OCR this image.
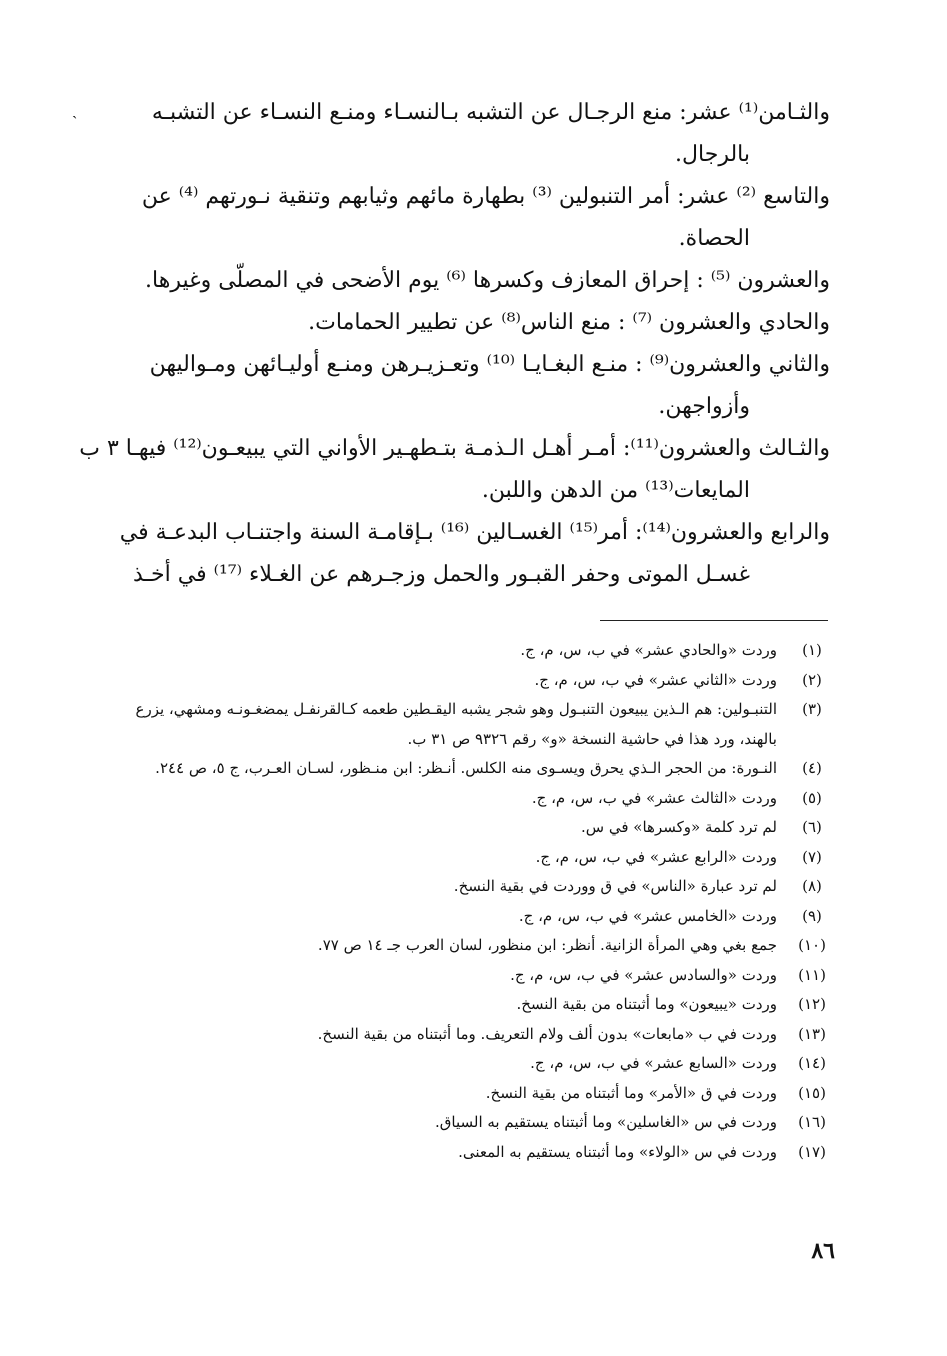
ˏ	والثـامن⁽¹⁾ عشر: منع الرجـال عن التشبه بـالنسـاء ومنـع النسـاء عن التشبـه
بالرجال.
والتاسع ⁽²⁾ عشر: أمر التنبولين ⁽³⁾ بطهارة مائهم وثيابهم وتنقية نـورتهم ⁽⁴⁾ عن
الحصاة.
والعشرون ⁽⁵⁾ : إحراق المعازف وكسرها ⁽⁶⁾ يوم الأضحى في المصلّى وغيرها.
والحادي والعشرون ⁽⁷⁾ : منع الناس⁽⁸⁾ عن تطيير الحمامات.
والثاني والعشرون⁽⁹⁾ : منـع البغـايـا ⁽¹⁰⁾ وتعـزيـرهن ومنـع أوليـائهن ومـواليهن
وأزواجهن.
والثـالث والعشرون⁽¹¹⁾: أمـر أهـل الـذمـة بتـطهـير الأواني التي يبيعـون⁽¹²⁾ فيهـا ٣ ب
المايعات⁽¹³⁾ من الدهن واللبن.
والرابع والعشرون⁽¹⁴⁾: أمر⁽¹⁵⁾ الغسـالين ⁽¹⁶⁾ بـإقامـة السنة واجتنـاب البدعـة في
غسـل الموتى وحفر القبـور والحمل وزجـرهم عن الغـلاء ⁽¹⁷⁾ في أخـذ
(١)
وردت «والحادي عشر» في ب، س، م، ج.
(٢)
وردت «الثاني عشر» في ب، س، م، ج.
(٣)
التنبـولين: هم الـذين يبيعون التنبـول وهو شجر يشبه اليقـطين طعمه كـالقرنفـل يمضغـونـه ومشهي، يزرع بالهند، ورد هذا في حاشية النسخة «و» رقم ٩٣٢٦ ص ٣١ ب.
(٤)
النـورة: من الحجر الـذي يحرق ويسـوى منه الكلس. أنـظر: ابن منـظور، لسـان العـرب، ج ٥، ص ٢٤٤.
(٥)
وردت «الثالث عشر» في ب، س، م، ج.
(٦)
لم ترد كلمة «وكسرها» في س.
(٧)
وردت «الرابع عشر» في ب، س، م، ج.
(٨)
لم ترد عبارة «الناس» في ق ووردت في بقية النسخ.
(٩)
وردت «الخامس عشر» في ب، س، م، ج.
(١٠)
جمع بغي وهي المرأة الزانية. أنظر: ابن منظور، لسان العرب جـ ١٤ ص ٧٧.
(١١)
وردت «والسادس عشر» في ب، س، م، ج.
(١٢)
وردت «يبيعون» وما أثبتناه من بقية النسخ.
(١٣)
وردت في ب «مابعات» بدون ألف ولام التعريف. وما أثبتناه من بقية النسخ.
(١٤)
وردت «السابع عشر» في ب، س، م، ج.
(١٥)
وردت في ق «الأمر» وما أثبتناه من بقية النسخ.
(١٦)
وردت في س «الغاسلين» وما أثبتناه يستقيم به السياق.
(١٧)
وردت في س «الولاء» وما أثبتناه يستقيم به المعنى.
٨٦
